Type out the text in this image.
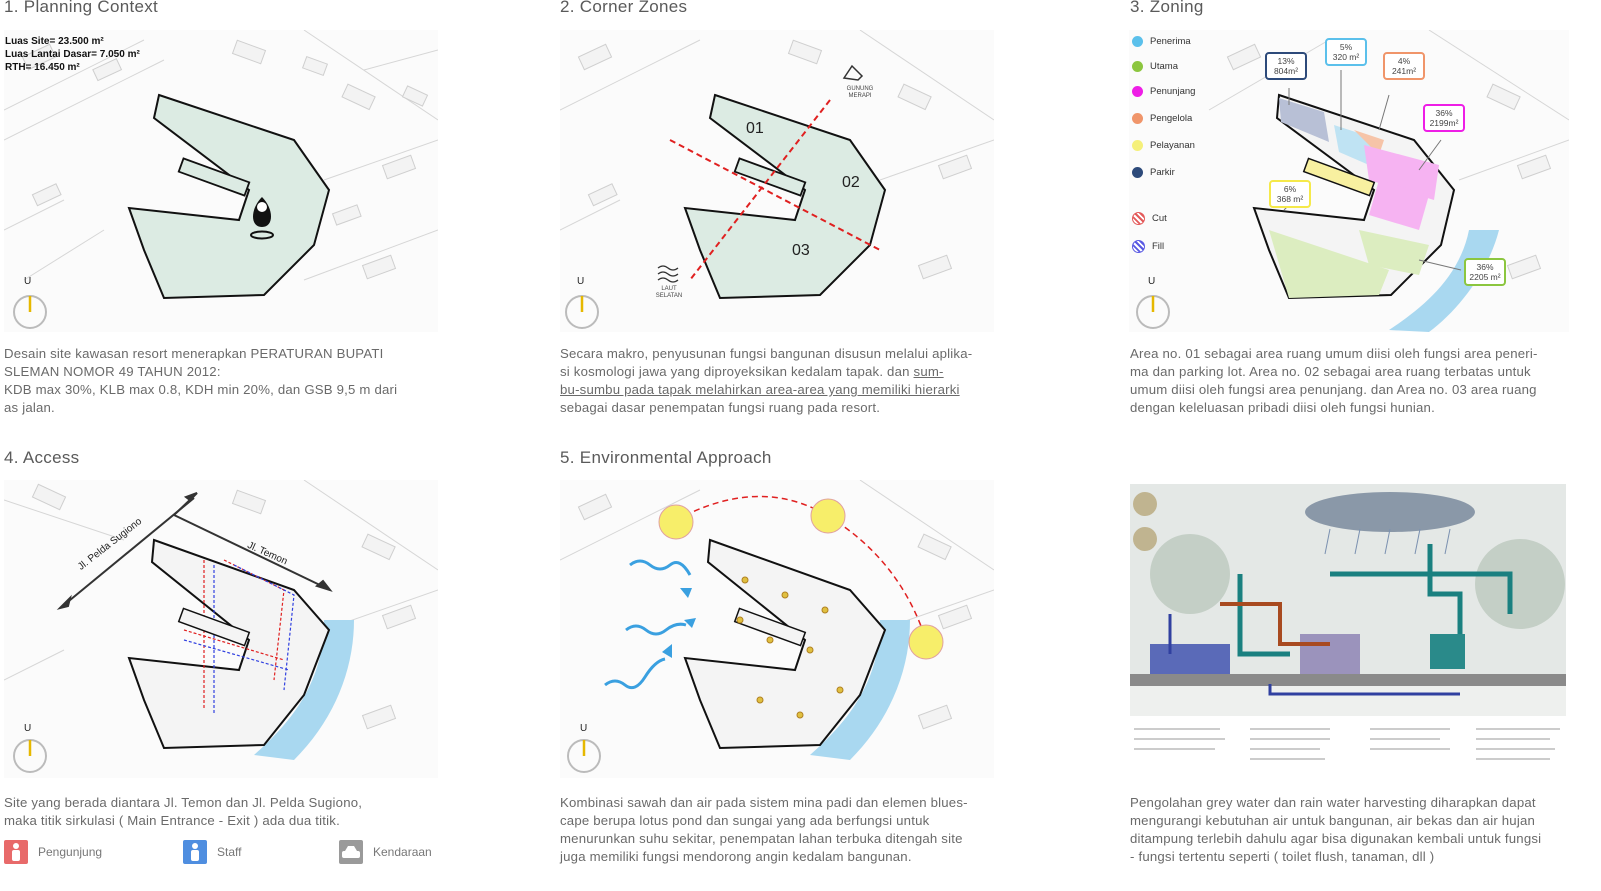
1. Planning Context
Luas Site= 23.500 m²
Luas Lantai Dasar= 7.050 m²
RTH= 16.450 m²
U
Desain site kawasan resort menerapkan PERATURAN BUPATI
SLEMAN NOMOR 49 TAHUN 2012:
KDB max 30%, KLB max 0.8, KDH min 20%, dan GSB 9,5 m dari
as jalan.
2. Corner Zones
01
02
03
GUNUNG MERAPI
LAUT SELATAN
U
Secara makro, penyusunan fungsi bangunan disusun melalui aplika-
si kosmologi jawa yang diproyeksikan kedalam tapak. dan sum-
bu-sumbu pada tapak melahirkan area-area yang memiliki hierarki
sebagai dasar penempatan fungsi ruang pada resort.
3. Zoning
Penerima
Utama
Penunjang
Pengelola
Pelayanan
Parkir
Cut
Fill
13%
804m²
5%
320 m²	4%
241m²
36%
2199m²
6%
368 m²
36%
2205 m²
U
Area no. 01 sebagai area ruang umum diisi oleh fungsi area peneri-
ma dan parking lot. Area no. 02 sebagai area ruang terbatas untuk
umum diisi oleh fungsi area penunjang. dan Area no. 03 area ruang
dengan keleluasan pribadi diisi oleh fungsi hunian.
4. Access
Jl. Pelda Sugiono	Jl. Temon
U
Site yang berada diantara Jl. Temon dan Jl. Pelda Sugiono,
maka titik sirkulasi ( Main Entrance - Exit ) ada dua titik.
Pengunjung	Staff	Kendaraan
5. Environmental Approach
U
Kombinasi sawah dan air pada sistem mina padi dan elemen blues-
cape berupa lotus pond dan sungai yang ada berfungsi untuk
menurunkan suhu sekitar, penempatan lahan terbuka ditengah site
juga memiliki fungsi mendorong angin kedalam bangunan.
Pengolahan grey water dan rain water harvesting diharapkan dapat
mengurangi kebutuhan air untuk bangunan, air bekas dan air hujan
ditampung terlebih dahulu agar bisa digunakan kembali untuk fungsi
- fungsi tertentu seperti ( toilet flush, tanaman, dll )
